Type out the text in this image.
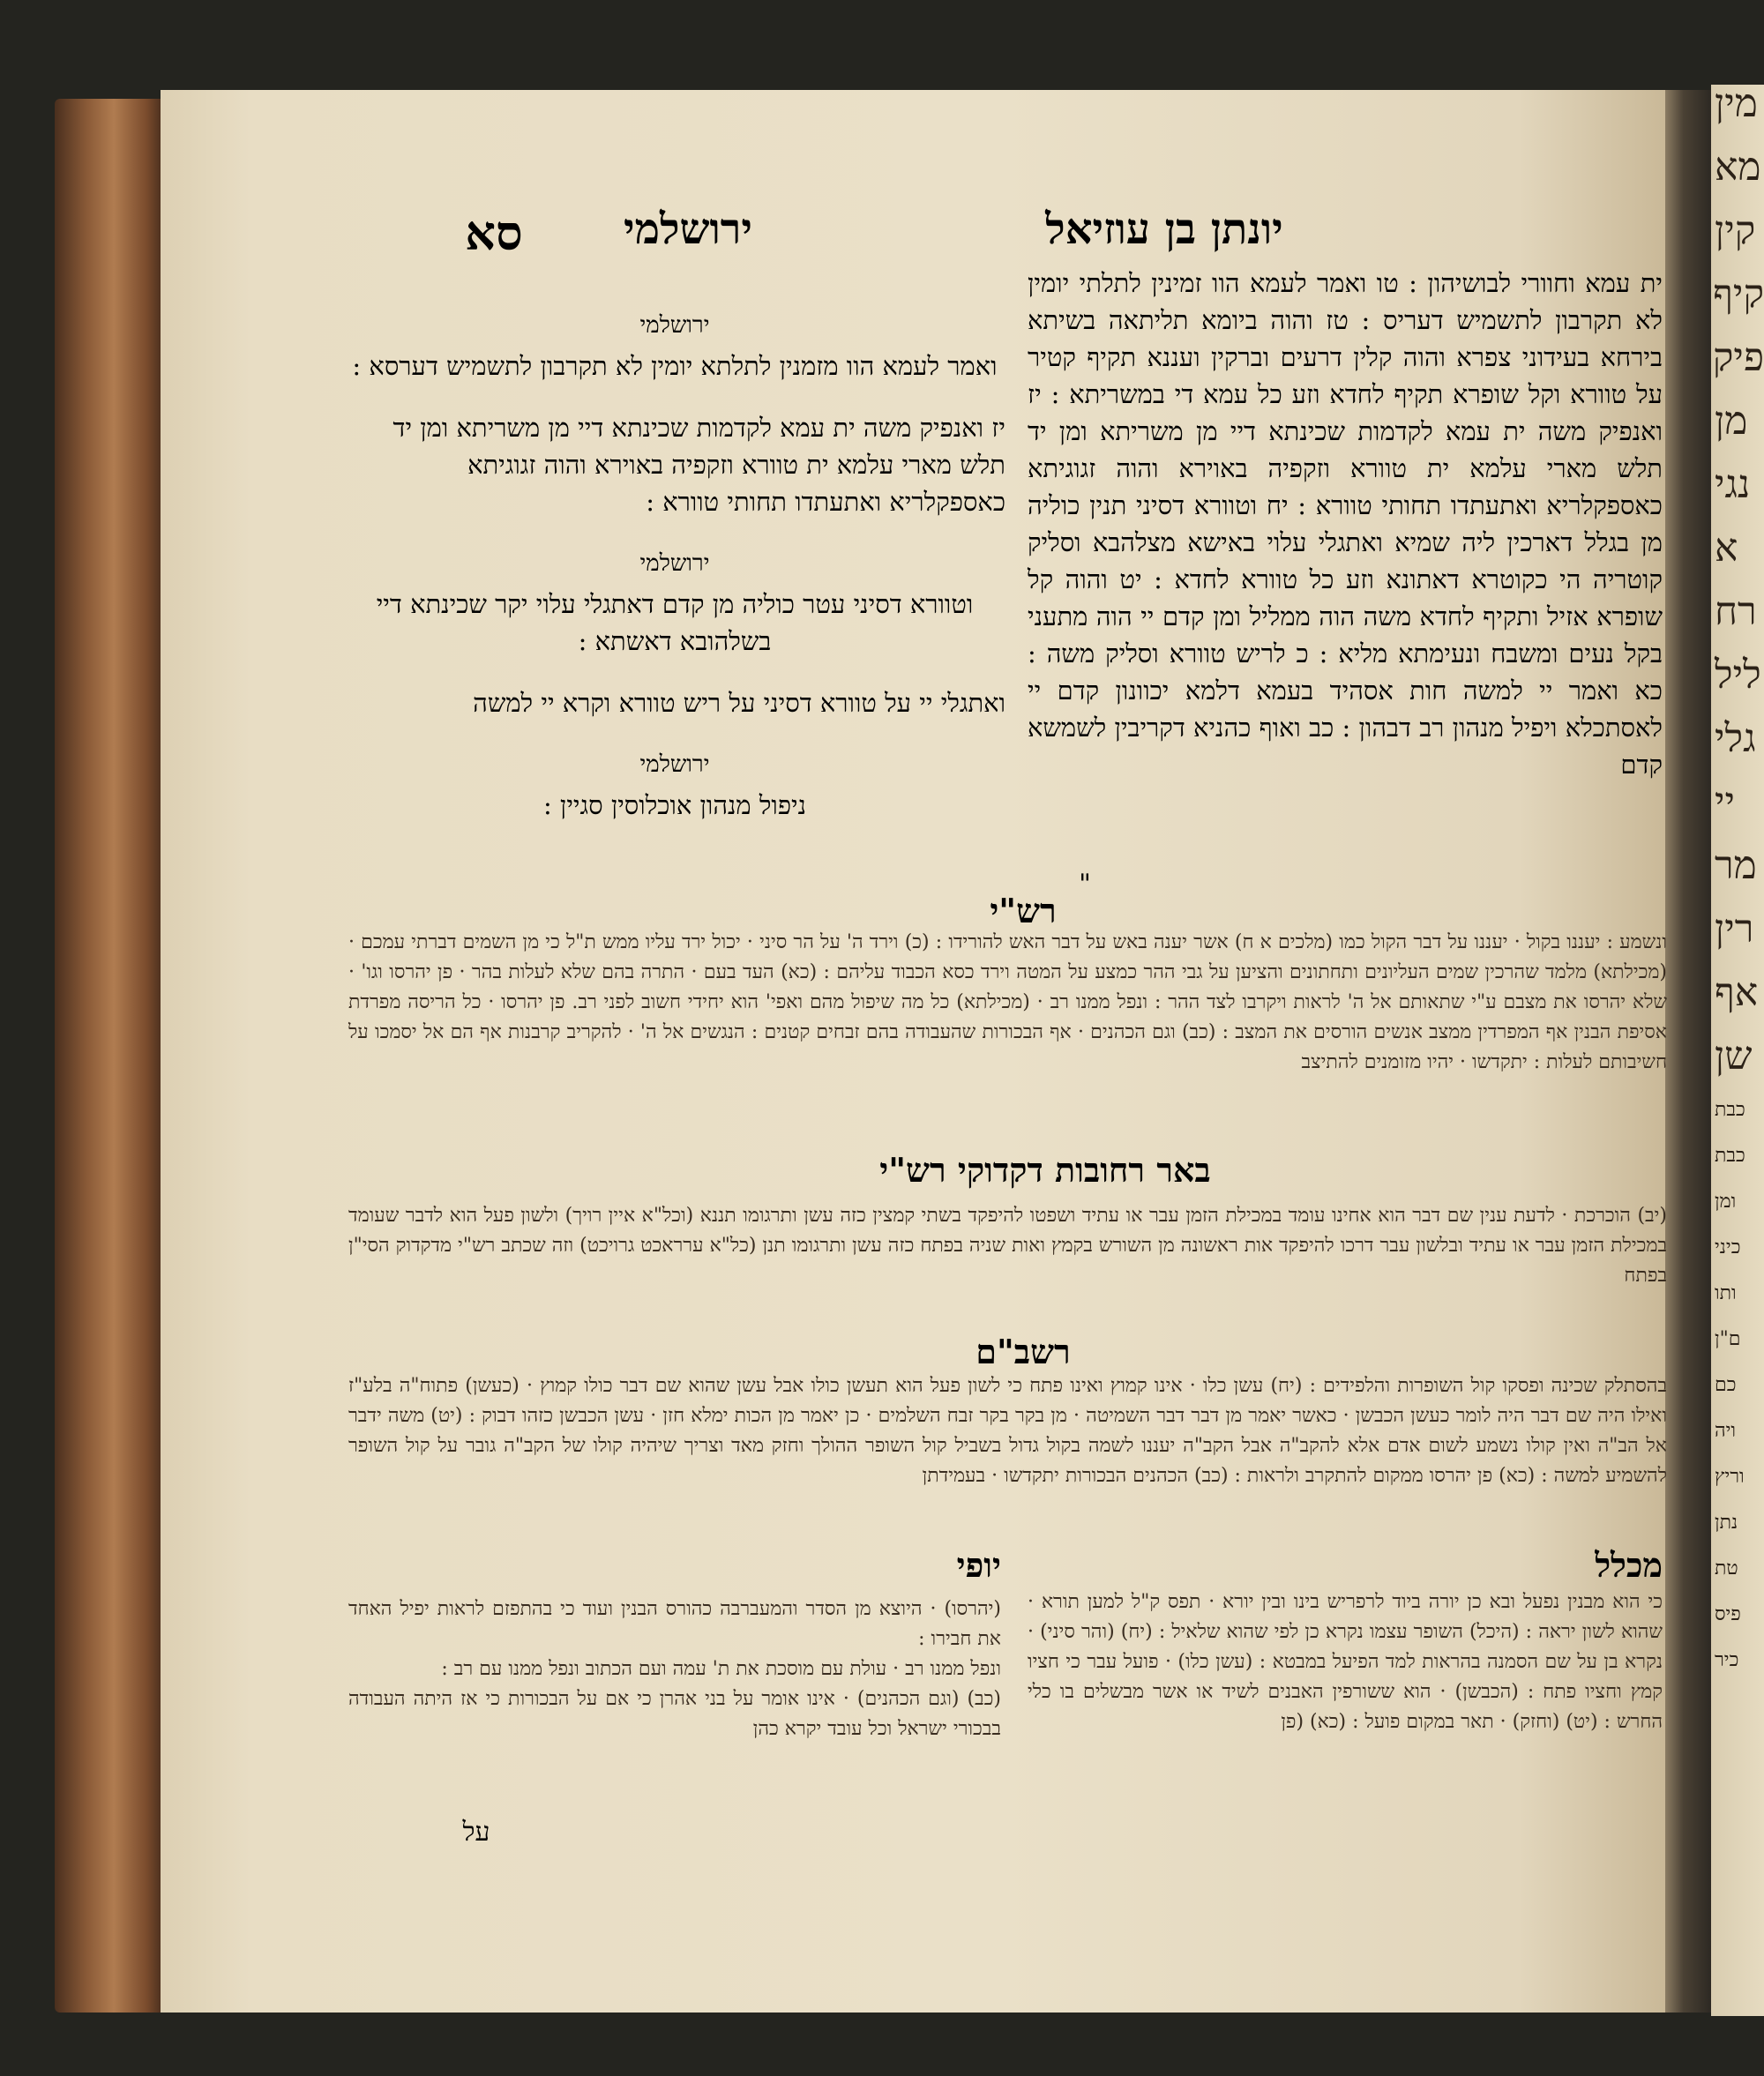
מין
מא
קין
קיף
פיק
מן
נגי
א
רח
ליל
גלי
יי
מר
רין
אף
שן
כבת
כבת
ומן
כיני
ותו
ם"ן
כם
ויה
וריץ
נתן
טת
פיס
כיר
יונתן בן עוזיאל
ירושלמי
סא
ית עמא וחוורי לבושיהון : טו ואמר לעמא הוו זמינין לתלתי יומין לא תקרבון לתשמיש דעריס : טז והוה ביומא תליתאה בשיתא בירחא בעידוני צפרא והוה קלין דרעים וברקין ועננא תקיף קטיר על טוורא וקל שופרא תקיף לחדא וזע כל עמא די במשריתא : יז ואנפיק משה ית עמא לקדמות שכינתא דיי מן משריתא ומן יד תלש מארי עלמא ית טוורא וזקפיה באוירא והוה זגוגיתא כאספקלריא ואתעתדו תחותי טוורא : יח וטוורא דסיני תנין כוליה מן בגלל דארכין ליה שמיא ואתגלי עלוי באישא מצלהבא וסליק קוטריה הי כקוטרא דאתונא וזע כל טוורא לחדא : יט והוה קל שופרא אזיל ותקיף לחדא משה הוה ממליל ומן קדם יי הוה מתעני בקל נעים ומשבח ונעימתא מליא : כ לריש טוורא וסליק משה : כא ואמר יי למשה חות אסהיד בעמא דלמא יכוונון קדם יי לאסתכלא ויפיל מנהון רב דבהון : כב ואוף כהניא דקריבין לשמשא קדם
ירושלמי

ואמר לעמא הוו מזמנין לתלתא יומין לא תקרבון לתשמיש דערסא :

יז ואנפיק משה ית עמא לקדמות שכינתא דיי מן משריתא ומן יד תלש מארי עלמא ית טוורא וזקפיה באוירא והוה זגוגיתא כאספקלריא ואתעתדו תחותי טוורא :

ירושלמי

וטוורא דסיני עטר כוליה מן קדם דאתגלי עלוי יקר שכינתא דיי בשלהובא דאשתא :

ואתגלי יי על טוורא דסיני על ריש טוורא וקרא יי למשה

ירושלמי

ניפול מנהון אוכלוסין סגיין :

"
רש"י
ונשמע : יעננו בקול · יעננו על דבר הקול כמו (מלכים א ח) אשר יענה באש על דבר האש להורידו : (כ) וירד ה' על הר סיני · יכול ירד עליו ממש ת"ל כי מן השמים דברתי עמכם · (מכילתא) מלמד שהרכין שמים העליונים ותחתונים והציען על גבי ההר כמצע על המטה וירד כסא הכבוד עליהם : (כא) העד בעם · התרה בהם שלא לעלות בהר · פן יהרסו וגו' · שלא יהרסו את מצבם ע"י שתאותם אל ה' לראות ויקרבו לצד ההר : ונפל ממנו רב · (מכילתא) כל מה שיפול מהם ואפי' הוא יחידי חשוב לפני רב. פן יהרסו · כל הריסה מפרדת אסיפת הבנין אף המפרדין ממצב אנשים הורסים את המצב : (כב) וגם הכהנים · אף הבכורות שהעבודה בהם זבחים קטנים : הנגשים אל ה' · להקריב קרבנות אף הם אל יסמכו על חשיבותם לעלות : יתקדשו · יהיו מזומנים להתיצב
באר רחובות דקדוקי רש"י
(יב) הוכרכת · לדעת ענין שם דבר הוא אחינו עומד במכילת הזמן עבר או עתיד ושפטו להיפקד בשתי קמצין כזה עשן ותרגומו תננא (וכל"א איין רויך) ולשון פעל הוא לדבר שעומד במכילת הזמן עבר או עתיד ובלשון עבר דרכו להיפקד אות ראשונה מן השורש בקמץ ואות שניה בפתח כזה עשן ותרגומו תנן (כל"א ערראכט גרויכט) וזה שכתב רש"י מדקדוק הסי"ן בפתח
רשב"ם
בהסתלק שכינה ופסקו קול השופרות והלפידים : (יח) עשן כלו · אינו קמוץ ואינו פתח כי לשון פעל הוא תעשן כולו אבל עשן שהוא שם דבר כולו קמוץ · (כעשן) פתוח"ה בלע"ז ואילו היה שם דבר היה לומר כעשן הכבשן · כאשר יאמר מן דבר דבר השמיטה · מן בקר בקר זבח השלמים · כן יאמר מן הכות ימלא חזן · עשן הכבשן כזהו דבוק : (יט) משה ידבר אל הב"ה ואין קולו נשמע לשום אדם אלא להקב"ה אבל הקב"ה יעננו לשמה בקול גדול בשביל קול השופר ההולך וחזק מאד וצריך שיהיה קולו של הקב"ה גובר על קול השופר להשמיע למשה : (כא) פן יהרסו ממקום להתקרב ולראות : (כב) הכהנים הבכורות יתקדשו · בעמידתן
מכלל
כי הוא מבנין נפעל ובא כן יורה ביוד לרפריש בינו ובין יורא · תפס ק"ל למען תורא · שהוא לשון יראה : (היכל) השופר עצמו נקרא כן לפי שהוא שלאיל : (יח) (והר סיני) · נקרא בן על שם הסמנה בהראות למד הפיעל במבטא : (עשן כלו) · פועל עבר כי חציו קמץ וחציו פתח : (הכבשן) · הוא ששורפין האבנים לשיד או אשר מבשלים בו כלי החרש : (יט) (וחזק) · תאר במקום פועל : (כא) (פן
יופי
(יהרסו) · היוצא מן הסדר והמעברבה כהורס הבנין ועוד כי בהתפזם לראות יפיל האחד את חבירו :
ונפל ממנו רב · עולת עם מוסכת את ת' עמה ועם הכתוב ונפל ממנו עם רב :
(כב) (וגם הכהנים) · אינו אומר על בני אהרן כי אם על הבכורות כי אז היתה העבודה בבכורי ישראל וכל עובד יקרא כהן
על
